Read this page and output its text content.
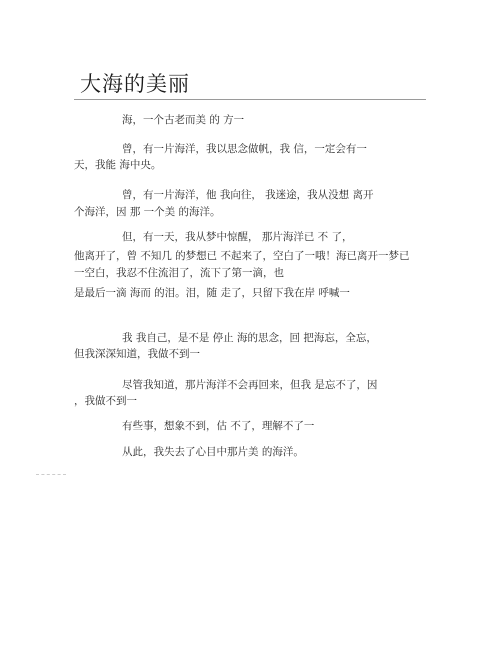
大海的美丽
海，一个古老而美 的 方一
曾，有一片海洋，我以思念做帆，我 信，一定会有一
天，我能 海中央。
曾，有一片海洋，他 我向往， 我迷途，我从没想 离开
个海洋，因 那 一个美 的海洋。
但，有一天，我从梦中惊醒， 那片海洋已 不 了，
他离开了，曾 不知几 的梦想已 不起来了，空白了一哦！海已离开一梦已
一空白，我忍不住流泪了，流下了第一滴，也
是最后一滴 海而 的泪。泪，随 走了，只留下我在岸 呼喊一
我 我自己，是不是 停止 海的思念，回 把海忘，全忘，
但我深深知道，我做不到一
尽管我知道，那片海洋不会再回来，但我 是忘不了，因
，我做不到一
有些事，想象不到，估 不了，理解不了一
从此，我失去了心目中那片美 的海洋。
